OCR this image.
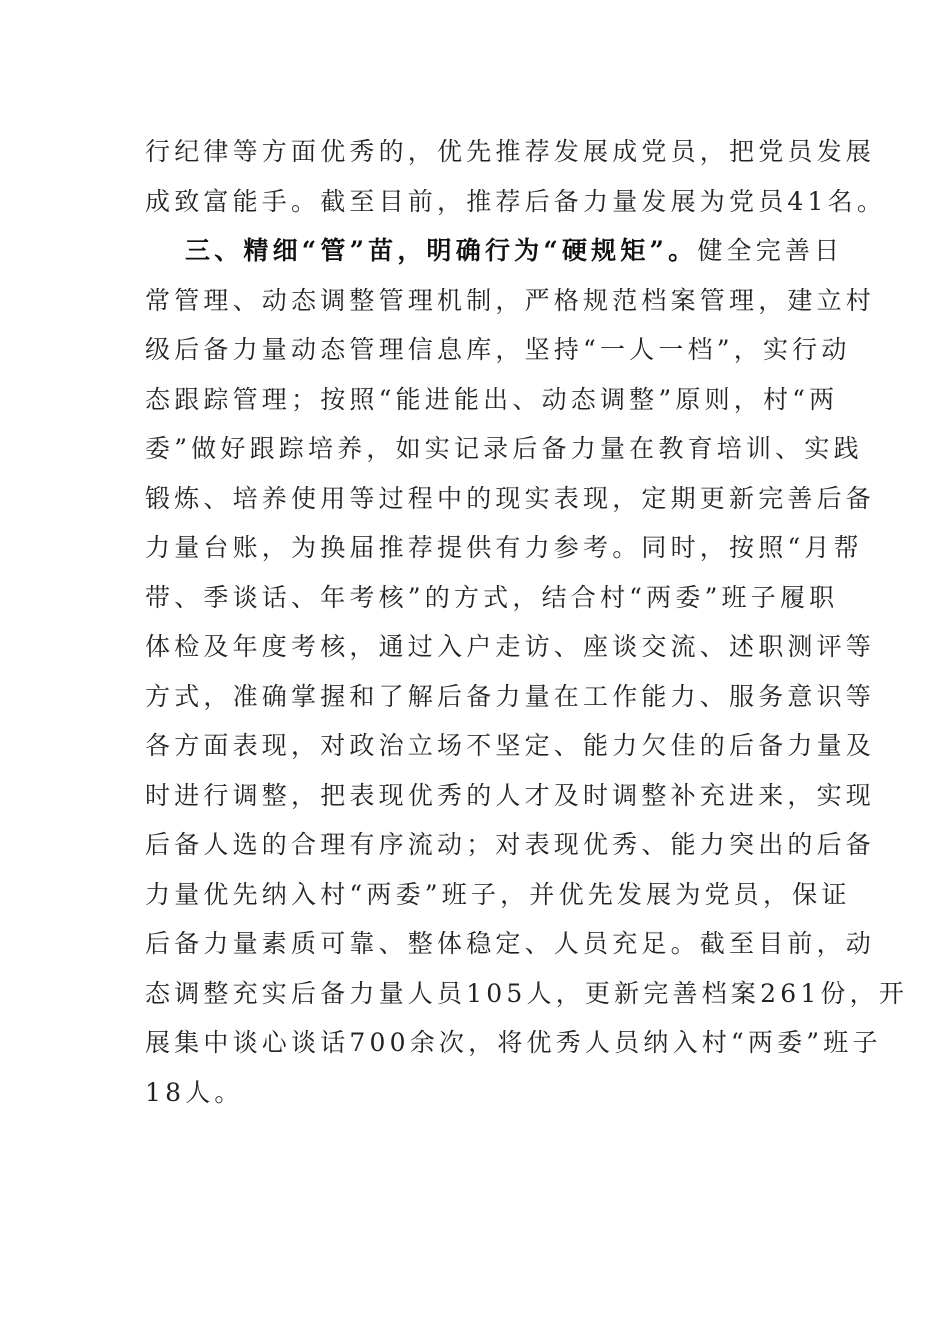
行纪律等方面优秀的，优先推荐发展成党员，把党员发展
成致富能手。截至目前，推荐后备力量发展为党员41名。
三、精细“管”苗，明确行为“硬规矩”。健全完善日
常管理、动态调整管理机制，严格规范档案管理，建立村
级后备力量动态管理信息库，坚持“一人一档”，实行动
态跟踪管理；按照“能进能出、动态调整”原则，村“两
委”做好跟踪培养，如实记录后备力量在教育培训、实践
锻炼、培养使用等过程中的现实表现，定期更新完善后备
力量台账，为换届推荐提供有力参考。同时，按照“月帮
带、季谈话、年考核”的方式，结合村“两委”班子履职
体检及年度考核，通过入户走访、座谈交流、述职测评等
方式，准确掌握和了解后备力量在工作能力、服务意识等
各方面表现，对政治立场不坚定、能力欠佳的后备力量及
时进行调整，把表现优秀的人才及时调整补充进来，实现
后备人选的合理有序流动；对表现优秀、能力突出的后备
力量优先纳入村“两委”班子，并优先发展为党员，保证
后备力量素质可靠、整体稳定、人员充足。截至目前，动
态调整充实后备力量人员105人，更新完善档案261份，开
展集中谈心谈话700余次，将优秀人员纳入村“两委”班子
18人。
